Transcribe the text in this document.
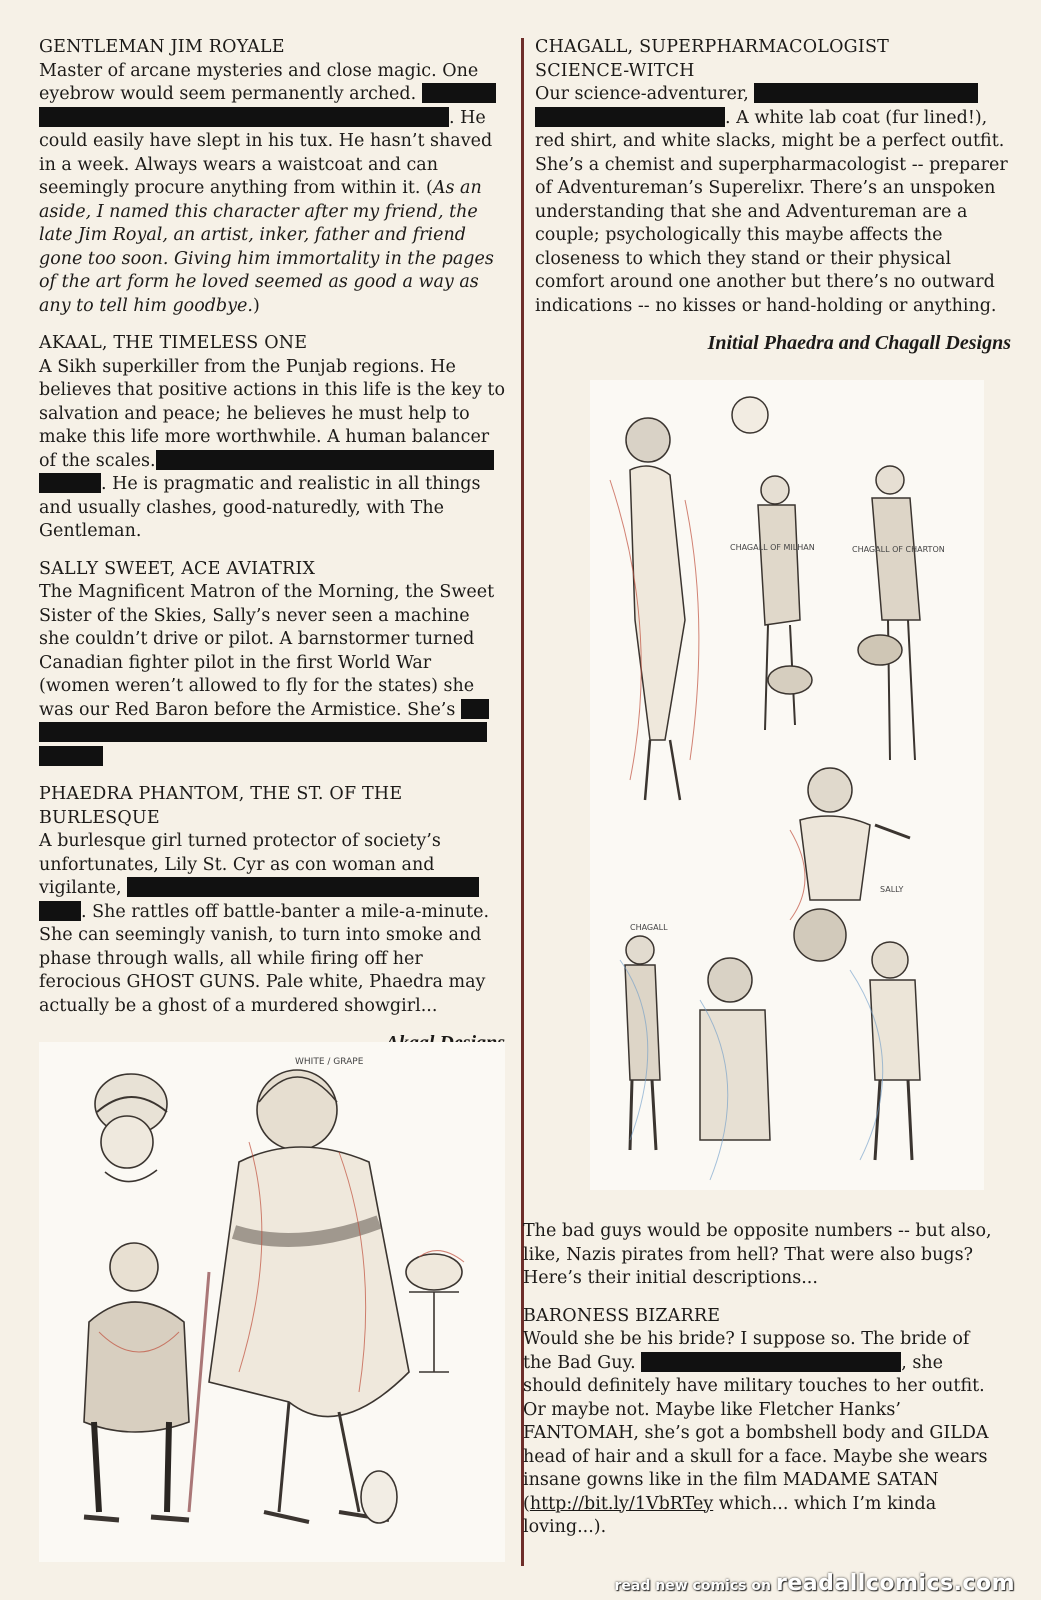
GENTLEMAN JIM ROYALE
Master of arcane mysteries and close magic. One eyebrow would seem permanently arched.  . He could easily have slept in his tux. He hasn’t shaved in a week. Always wears a waistcoat and can seemingly procure anything from within it. (As an aside, I named this character after my friend, the late Jim Royal, an artist, inker, father and friend gone too soon. Giving him immortality in the pages of the art form he loved seemed as good a way as any to tell him goodbye.)
AKAAL, THE TIMELESS ONE
A Sikh superkiller from the Punjab regions. He believes that positive actions in this life is the key to salvation and peace; he believes he must help to make this life more worthwhile. A human balancer of the scales. . He is pragmatic and realistic in all things and usually clashes, good-naturedly, with The Gentleman.
SALLY SWEET, ACE AVIATRIX
The Magnificent Matron of the Morning, the Sweet Sister of the Skies, Sally’s never seen a machine she couldn’t drive or pilot. A barnstormer turned Canadian fighter pilot in the first World War (women weren’t allowed to fly for the states) she was our Red Baron before the Armistice. She’s
PHAEDRA PHANTOM, THE ST. OF THE
BURLESQUE
A burlesque girl turned protector of society’s unfortunates, Lily St. Cyr as con woman and vigilante,  . She rattles off battle-banter a mile-a-minute. She can seemingly vanish, to turn into smoke and phase through walls, all while firing off her ferocious GHOST GUNS. Pale white, Phaedra may actually be a ghost of a murdered showgirl...
WHITE / GRAPE
CHAGALL, SUPERPHARMACOLOGIST
SCIENCE-WITCH
Our science-adventurer,  . A white lab coat (fur lined!), red shirt, and white slacks, might be a perfect outfit. She’s a chemist and superpharmacologist -- preparer of Adventureman’s Superelixr. There’s an unspoken understanding that she and Adventureman are a couple; psychologically this maybe affects the closeness to which they stand or their physical comfort around one another but there’s no outward indications -- no kisses or hand-holding or anything.
Initial Phaedra and Chagall Designs
CHAGALL OF MILHAN	CHAGALL OF CHARTON
SALLY
CHAGALL
The bad guys would be opposite numbers -- but also, like, Nazis pirates from hell? That were also bugs? Here’s their initial descriptions...
BARONESS BIZARRE
Would she be his bride? I suppose so. The bride of the Bad Guy.	, she should definitely have military touches to her outfit. Or maybe not. Maybe like Fletcher Hanks’ FANTOMAH, she’s got a bombshell body and GILDA head of hair and a skull for a face. Maybe she wears insane gowns like in the film MADAME SATAN (http://bit.ly/1VbRTey which... which I’m kinda loving...).
read new comics on readallcomics.com
